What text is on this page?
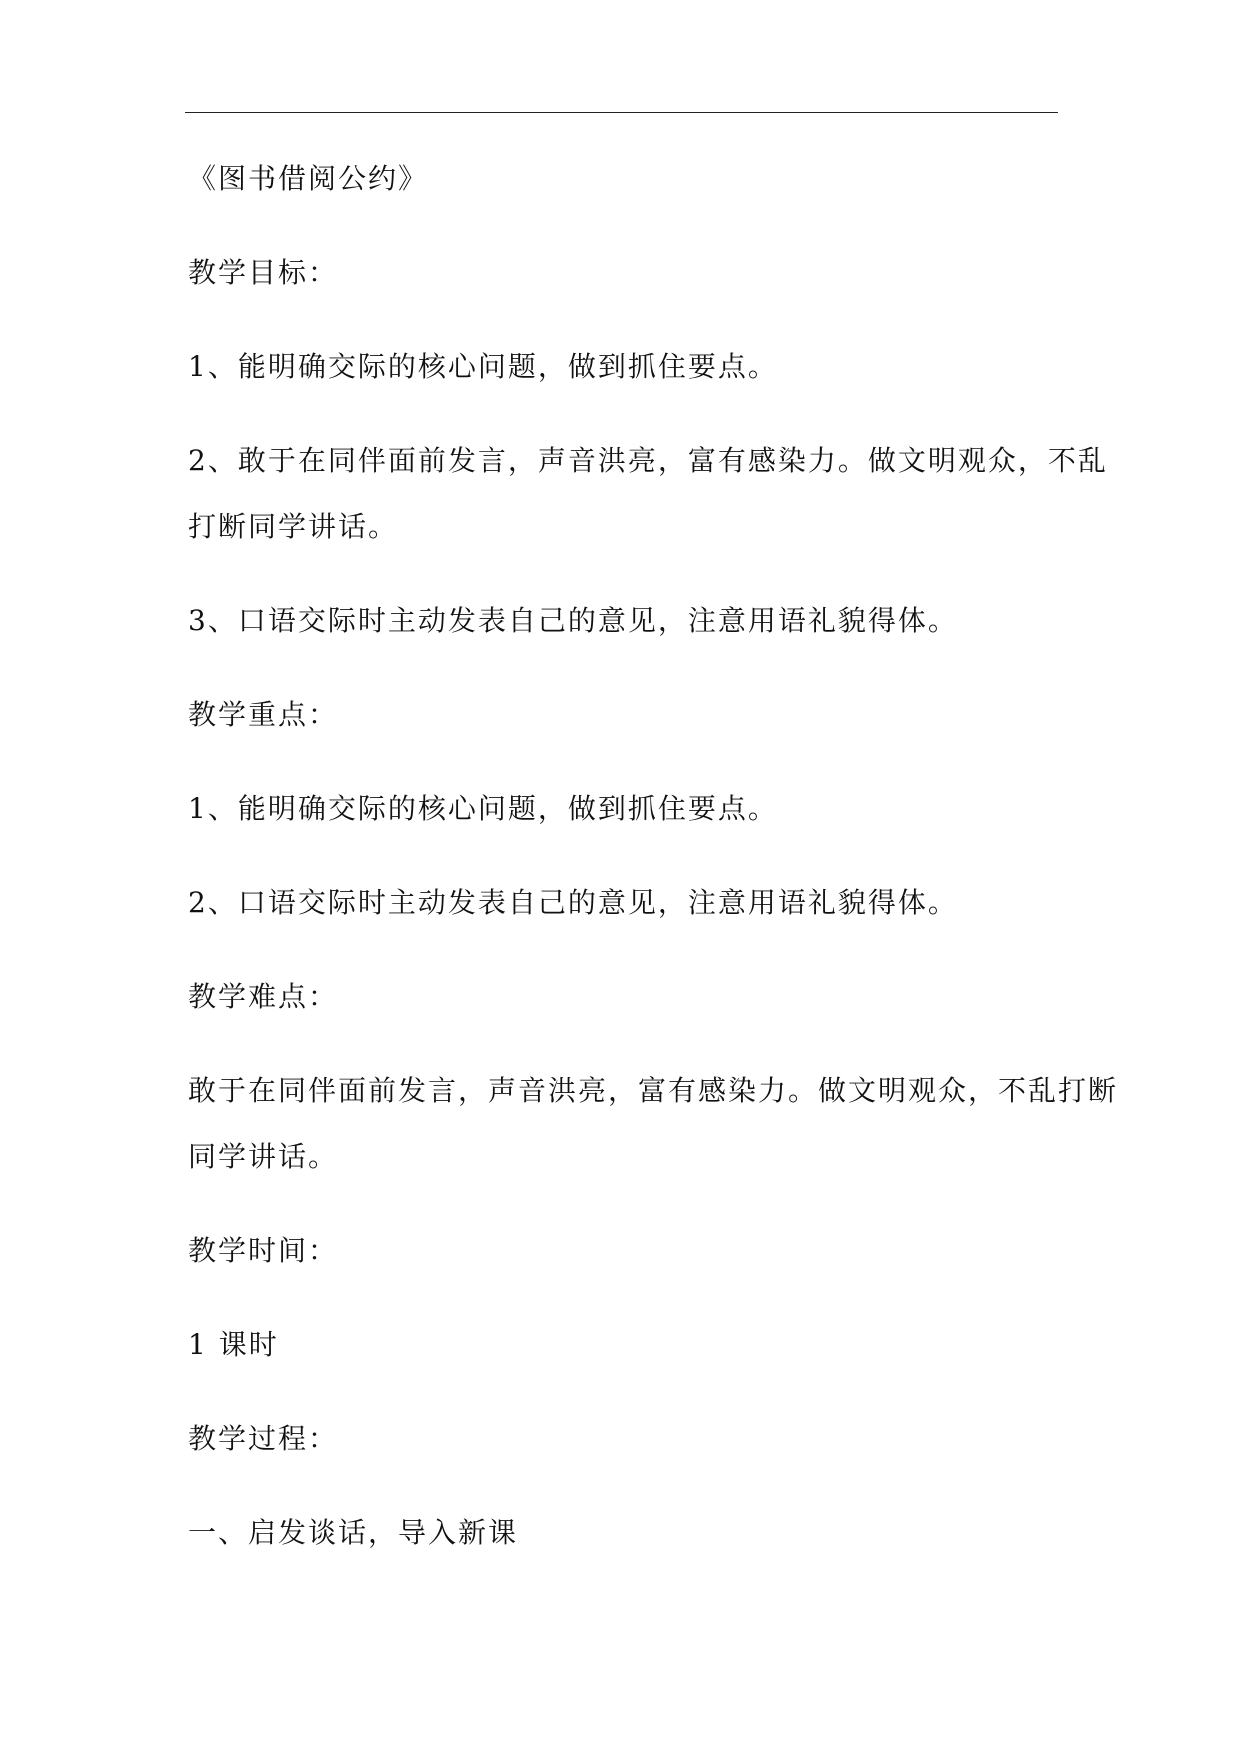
《图书借阅公约》
教学目标：
1、能明确交际的核心问题，做到抓住要点。
2、敢于在同伴面前发言，声音洪亮，富有感染力。做文明观众，不乱
打断同学讲话。
3、口语交际时主动发表自己的意见，注意用语礼貌得体。
教学重点：
1、能明确交际的核心问题，做到抓住要点。
2、口语交际时主动发表自己的意见，注意用语礼貌得体。
教学难点：
敢于在同伴面前发言，声音洪亮，富有感染力。做文明观众，不乱打断
同学讲话。
教学时间：
1 课时
教学过程：
一、启发谈话，导入新课
